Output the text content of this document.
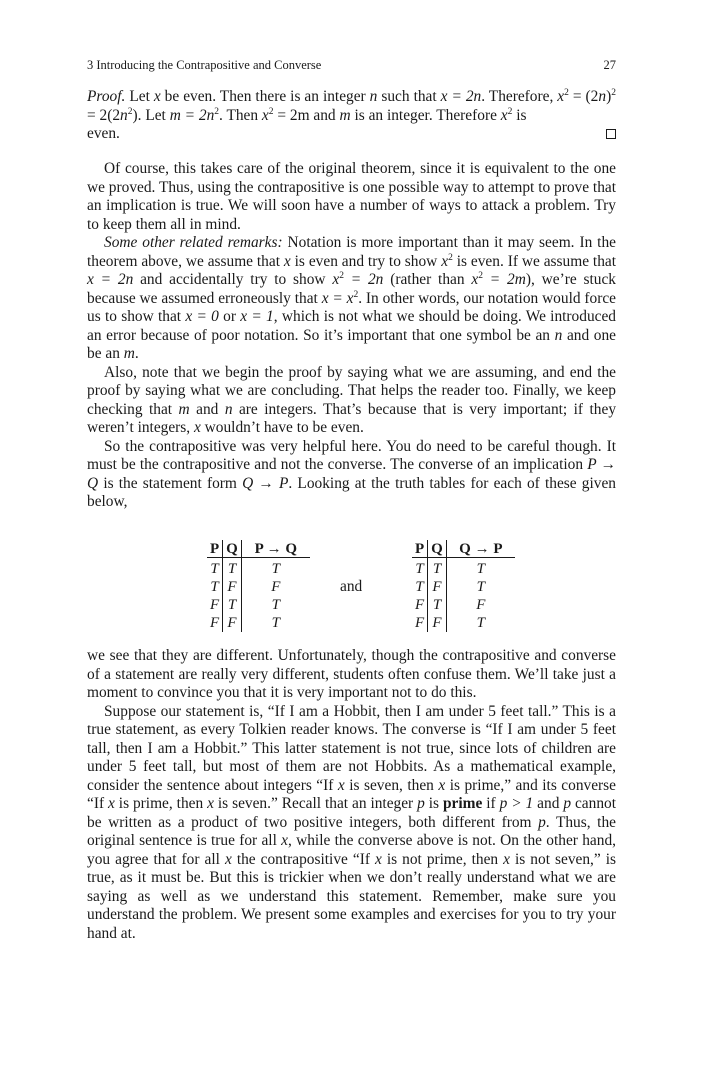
3 Introducing the Contrapositive and Converse	27

Proof. Let x be even. Then there is an integer n such that x = 2n. Therefore, $x^2 = (2n)^2 = 2(2n^2)$. Let $m = 2n^2$. Then $x^2 = 2m$ and m is an integer. Therefore $x^2$ is

even.

Of course, this takes care of the original theorem, since it is equivalent to the one we proved. Thus, using the contrapositive is one possible way to attempt to prove that an implication is true. We will soon have a number of ways to attack a problem. Try to keep them all in mind.

Some other related remarks: Notation is more important than it may seem. In the theorem above, we assume that x is even and try to show $x^2$ is even. If we assume that x = 2n and accidentally try to show $x^2 = 2n$ (rather than $x^2 = 2m$), we’re stuck because we assumed erroneously that $x = x^2$. In other words, our notation would force us to show that x = 0 or x = 1, which is not what we should be doing. We introduced an error because of poor notation. So it’s important that one symbol be an n and one be an m.

Also, note that we begin the proof by saying what we are assuming, and end the proof by saying what we are concluding. That helps the reader too. Finally, we keep checking that m and n are integers. That’s because that is very important; if they weren’t integers, x wouldn’t have to be even.

So the contrapositive was very helpful here. You do need to be careful though. It must be the contrapositive and not the converse. The converse of an implication P → Q is the statement form Q → P. Looking at the truth tables for each of these given below,

P	Q	P → Q
T	T	T
T	F	F
F	T	T
F	F	T
and
P	Q	Q → P
T	T	T
T	F	T
F	T	F
F	F	T

we see that they are different. Unfortunately, though the contrapositive and converse of a statement are really very different, students often confuse them. We’ll take just a moment to convince you that it is very important not to do this.

Suppose our statement is, “If I am a Hobbit, then I am under 5 feet tall.” This is a true statement, as every Tolkien reader knows. The converse is “If I am under 5 feet tall, then I am a Hobbit.” This latter statement is not true, since lots of children are under 5 feet tall, but most of them are not Hobbits. As a mathematical example, consider the sentence about integers “If x is seven, then x is prime,” and its converse “If x is prime, then x is seven.” Recall that an integer p is prime if p > 1 and p cannot be written as a product of two positive integers, both different from p. Thus, the original sentence is true for all x, while the converse above is not. On the other hand, you agree that for all x the contrapositive “If x is not prime, then x is not seven,” is true, as it must be. But this is trickier when we don’t really understand what we are saying as well as we understand this statement. Remember, make sure you understand the problem. We present some examples and exercises for you to try your hand at.
